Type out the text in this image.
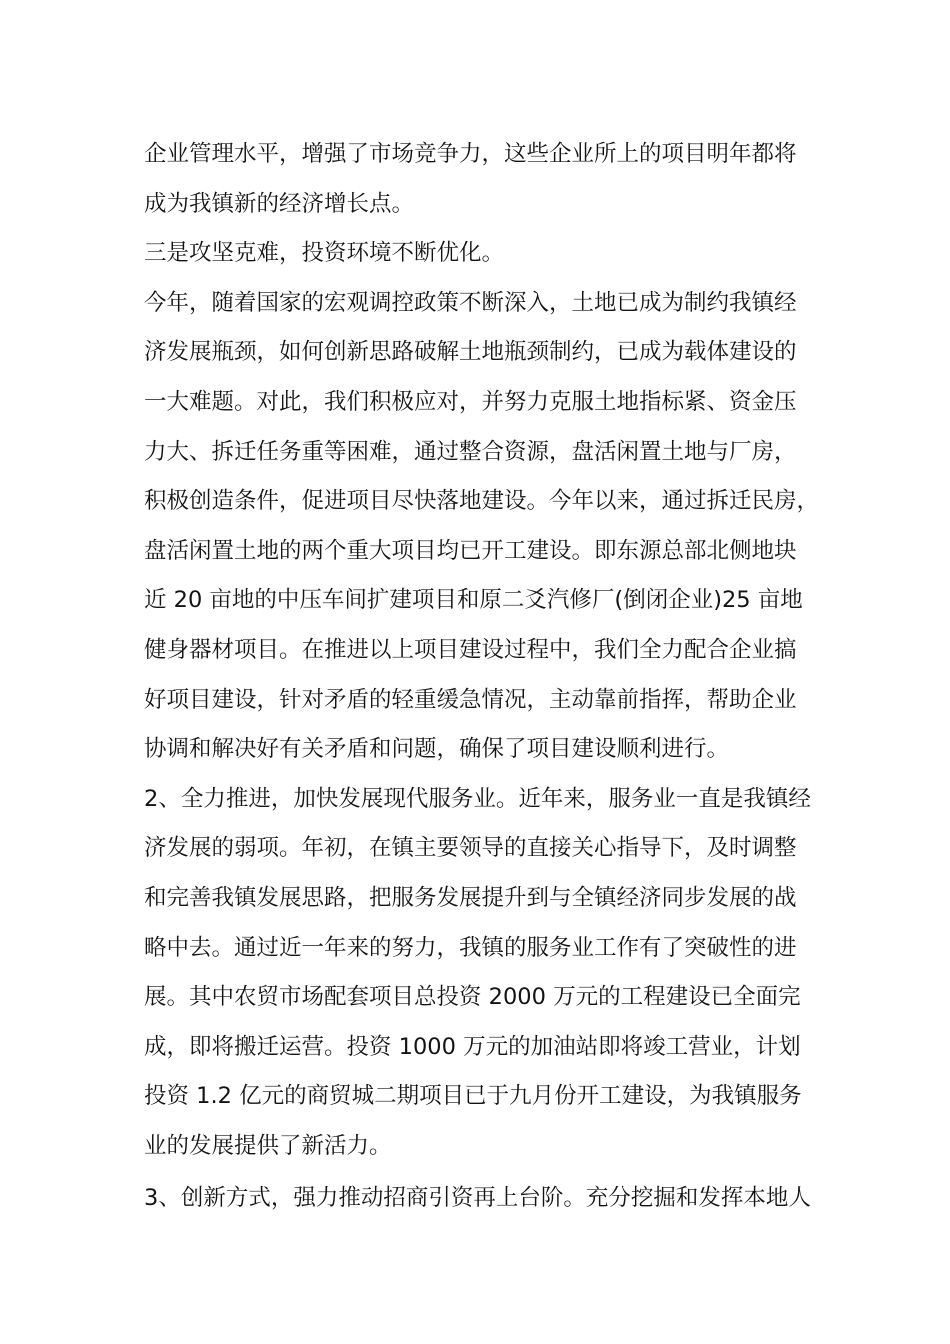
企业管理水平，增强了市场竞争力，这些企业所上的项目明年都将
成为我镇新的经济增长点。
三是攻坚克难，投资环境不断优化。
今年，随着国家的宏观调控政策不断深入，土地已成为制约我镇经
济发展瓶颈，如何创新思路破解土地瓶颈制约，已成为载体建设的
一大难题。对此，我们积极应对，并努力克服土地指标紧、资金压
力大、拆迁任务重等困难，通过整合资源，盘活闲置土地与厂房，
积极创造条件，促进项目尽快落地建设。今年以来，通过拆迁民房，
盘活闲置土地的两个重大项目均已开工建设。即东源总部北侧地块
近 20 亩地的中压车间扩建项目和原二爻汽修厂(倒闭企业)25 亩地
健身器材项目。在推进以上项目建设过程中，我们全力配合企业搞
好项目建设，针对矛盾的轻重缓急情况，主动靠前指挥，帮助企业
协调和解决好有关矛盾和问题，确保了项目建设顺利进行。
2、全力推进，加快发展现代服务业。近年来，服务业一直是我镇经
济发展的弱项。年初，在镇主要领导的直接关心指导下，及时调整
和完善我镇发展思路，把服务发展提升到与全镇经济同步发展的战
略中去。通过近一年来的努力，我镇的服务业工作有了突破性的进
展。其中农贸市场配套项目总投资 2000 万元的工程建设已全面完
成，即将搬迁运营。投资 1000 万元的加油站即将竣工营业，计划
投资 1.2 亿元的商贸城二期项目已于九月份开工建设，为我镇服务
业的发展提供了新活力。
3、创新方式，强力推动招商引资再上台阶。充分挖掘和发挥本地人
